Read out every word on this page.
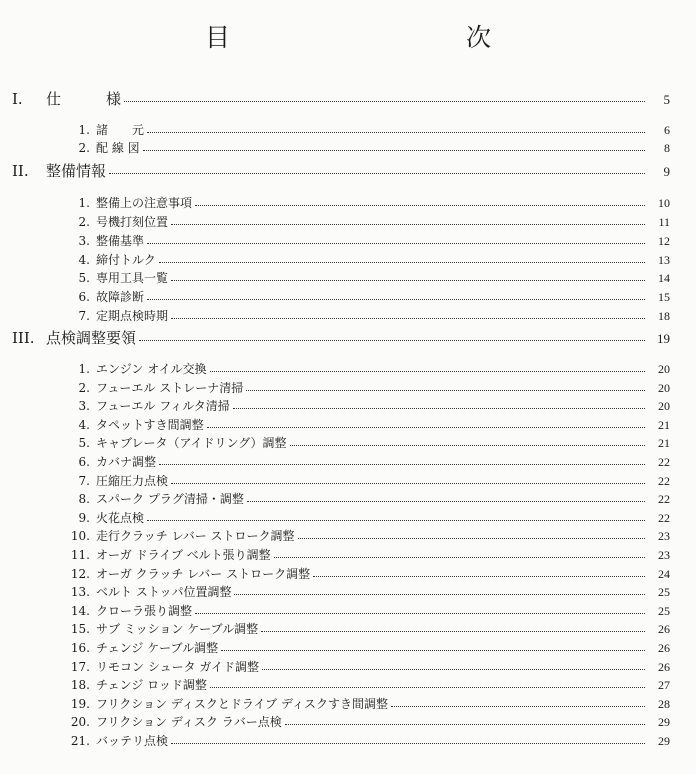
目　　次
I.	仕　　　様	5
1. 諸　　元	6
2. 配 線 図	8
II.	整備情報	9
1. 整備上の注意事項	10
2. 号機打刻位置	11
3. 整備基準	12
4. 締付トルク	13
5. 専用工具一覧	14
6. 故障診断	15
7. 定期点検時期	18
III. 点検調整要領	19
1. エンジン オイル交換	20
2. フューエル ストレーナ清掃	20
3. フューエル フィルタ清掃	20
4. タペットすき間調整	21
5. キャブレータ（アイドリング）調整	21
6. カバナ調整	22
7. 圧縮圧力点検	22
8. スパーク プラグ清掃・調整	22
9. 火花点検	22
10. 走行クラッチ レバー ストローク調整	23
11. オーガ ドライブ ベルト張り調整	23
12. オーガ クラッチ レバー ストローク調整	24
13. ベルト ストッパ位置調整	25
14. クローラ張り調整	25
15. サブ ミッション ケーブル調整	26
16. チェンジ ケーブル調整	26
17. リモコン シュータ ガイド調整	26
18. チェンジ ロッド調整	27
19. フリクション ディスクとドライブ ディスクすき間調整	28
20. フリクション ディスク ラバー点検	29
21. バッテリ点検	29
